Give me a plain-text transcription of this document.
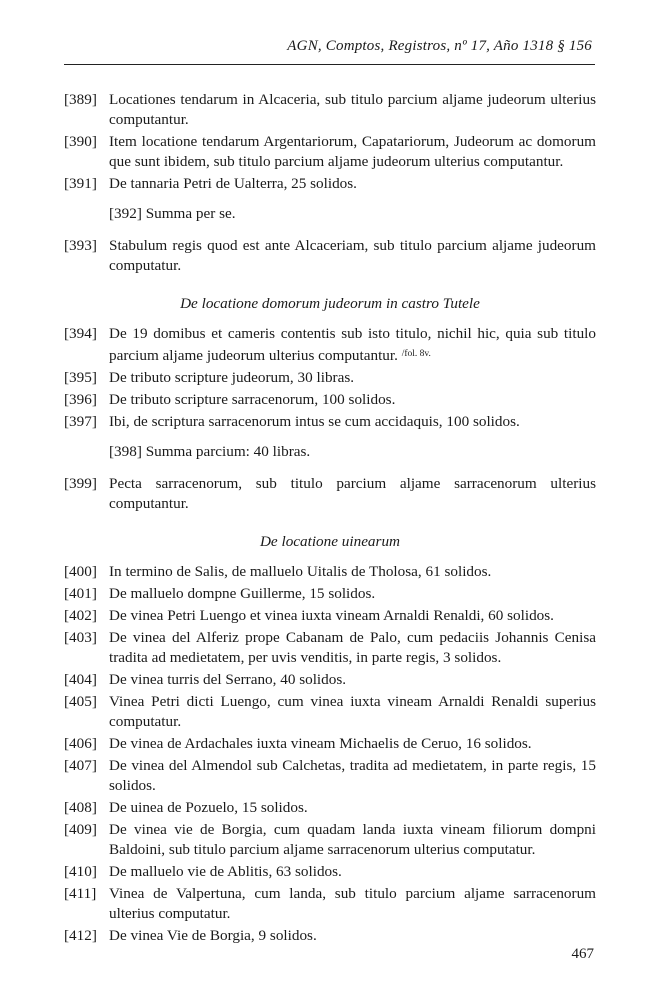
AGN, Comptos, Registros, nº 17, Año 1318 § 156
[389] Locationes tendarum in Alcaceria, sub titulo parcium aljame judeorum ulterius computantur.
[390] Item locatione tendarum Argentariorum, Capatariorum, Judeorum ac domorum que sunt ibidem, sub titulo parcium aljame judeorum ulterius computantur.
[391] De tannaria Petri de Ualterra, 25 solidos.
[392] Summa per se.
[393] Stabulum regis quod est ante Alcaceriam, sub titulo parcium aljame judeorum computatur.
De locatione domorum judeorum in castro Tutele
[394] De 19 domibus et cameris contentis sub isto titulo, nichil hic, quia sub titulo parcium aljame judeorum ulterius computantur. $^{/fol. 8v.}$
[395] De tributo scripture judeorum, 30 libras.
[396] De tributo scripture sarracenorum, 100 solidos.
[397] Ibi, de scriptura sarracenorum intus se cum accidaquis, 100 solidos.
[398] Summa parcium: 40 libras.
[399] Pecta sarracenorum, sub titulo parcium aljame sarracenorum ulterius computantur.
De locatione uinearum
[400] In termino de Salis, de malluelo Uitalis de Tholosa, 61 solidos.
[401] De malluelo dompne Guillerme, 15 solidos.
[402] De vinea Petri Luengo et vinea iuxta vineam Arnaldi Renaldi, 60 solidos.
[403] De vinea del Alferiz prope Cabanam de Palo, cum pedaciis Johannis Cenisa tradita ad medietatem, per uvis venditis, in parte regis, 3 solidos.
[404] De vinea turris del Serrano, 40 solidos.
[405] Vinea Petri dicti Luengo, cum vinea iuxta vineam Arnaldi Renaldi superius computatur.
[406] De vinea de Ardachales iuxta vineam Michaelis de Ceruo, 16 solidos.
[407] De vinea del Almendol sub Calchetas, tradita ad medietatem, in parte regis, 15 solidos.
[408] De uinea de Pozuelo, 15 solidos.
[409] De vinea vie de Borgia, cum quadam landa iuxta vineam filiorum dompni Baldoini, sub titulo parcium aljame sarracenorum ulterius computatur.
[410] De malluelo vie de Ablitis, 63 solidos.
[411] Vinea de Valpertuna, cum landa, sub titulo parcium aljame sarracenorum ulterius computatur.
[412] De vinea Vie de Borgia, 9 solidos.
467
